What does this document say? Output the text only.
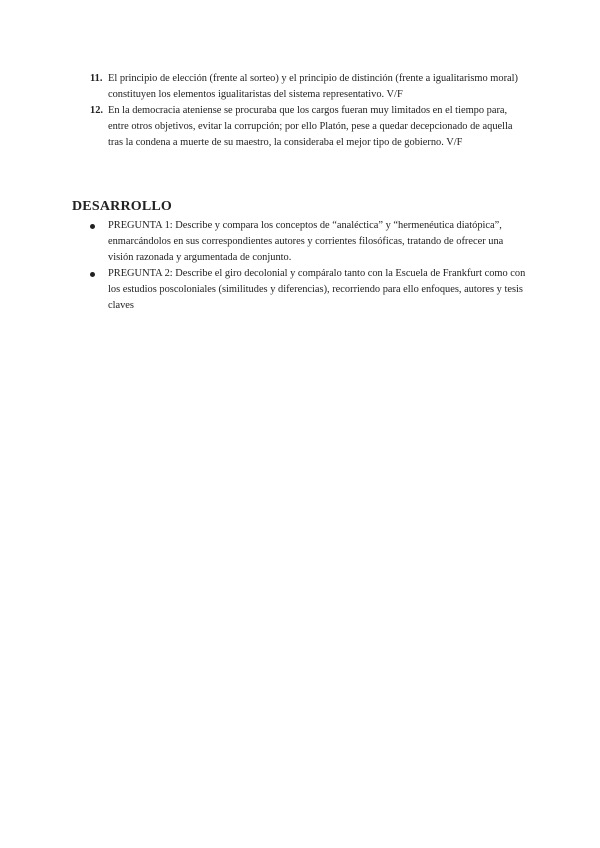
11. El principio de elección (frente al sorteo) y el principio de distinción (frente a igualitarismo moral) constituyen los elementos igualitaristas del sistema representativo. V/F
12. En la democracia ateniense se procuraba que los cargos fueran muy limitados en el tiempo para, entre otros objetivos, evitar la corrupción; por ello Platón, pese a quedar decepcionado de aquella tras la condena a muerte de su maestro, la consideraba el mejor tipo de gobierno. V/F
DESARROLLO
PREGUNTA 1: Describe y compara los conceptos de “analéctica” y “hermenéutica diatópica”, enmarcándolos en sus correspondientes autores y corrientes filosóficas, tratando de ofrecer una visión razonada y argumentada de conjunto.
PREGUNTA 2: Describe el giro decolonial y compáralo tanto con la Escuela de Frankfurt como con los estudios poscoloniales (similitudes y diferencias), recorriendo para ello enfoques, autores y tesis claves
